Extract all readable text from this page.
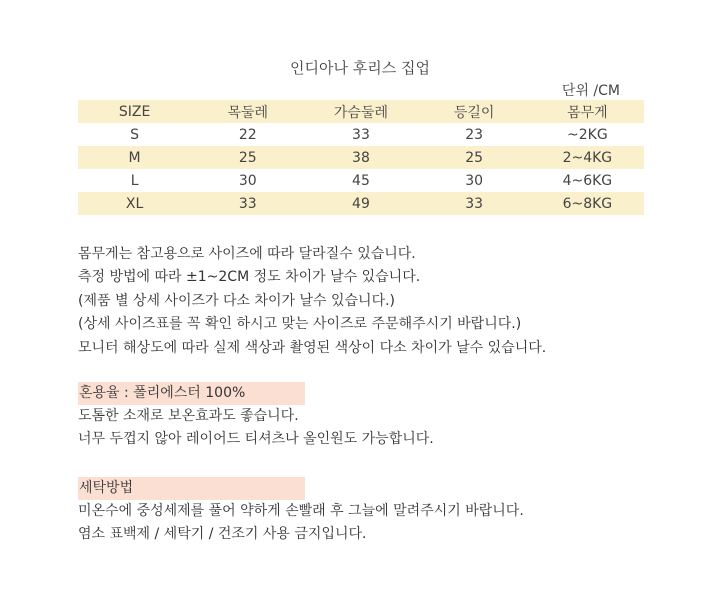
인디아나 후리스 집업
단위 /CM
SIZE	목둘레	가슴둘레	등길이	몸무게
S	22	33	23	~2KG
M	25	38	25	2~4KG
L	30	45	30	4~6KG
XL	33	49	33	6~8KG
몸무게는 참고용으로 사이즈에 따라 달라질수 있습니다.
측정 방법에 따라 ±1~2CM 정도 차이가 날수 있습니다.
(제품 별 상세 사이즈가 다소 차이가 날수 있습니다.)
(상세 사이즈표를 꼭 확인 하시고 맞는 사이즈로 주문해주시기 바랍니다.)
모니터 해상도에 따라 실제 색상과 촬영된 색상이 다소 차이가 날수 있습니다.
혼용율 : 폴리에스터 100%
도톰한 소재로 보온효과도 좋습니다.
너무 두껍지 않아 레이어드 티셔츠나 올인원도 가능합니다.
세탁방법
미온수에 중성세제를 풀어 약하게 손빨래 후 그늘에 말려주시기 바랍니다.
염소 표백제 / 세탁기 / 건조기 사용 금지입니다.
